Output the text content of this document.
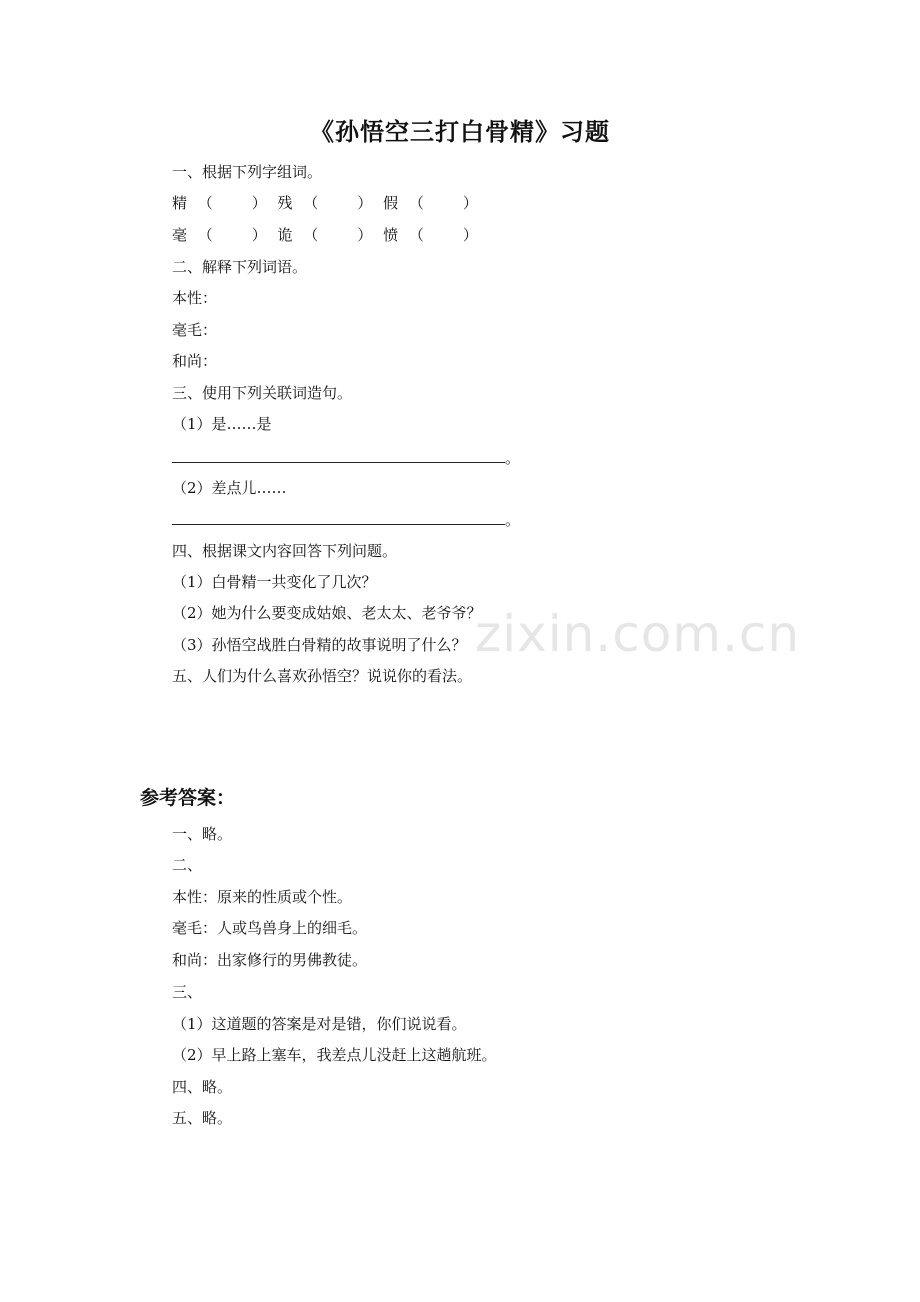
zixin.com.cn
《孙悟空三打白骨精》习题
一、根据下列字组词。
精 （　　） 残 （　　） 假 （　　）
毫 （　　） 诡 （　　） 愤 （　　）
二、解释下列词语。
本性：
毫毛：
和尚：
三、使用下列关联词造句。
（1）是……是
。
（2）差点儿……
。
四、根据课文内容回答下列问题。
（1）白骨精一共变化了几次？
（2）她为什么要变成姑娘、老太太、老爷爷？
（3）孙悟空战胜白骨精的故事说明了什么？
五、人们为什么喜欢孙悟空？说说你的看法。
参考答案：
一、略。
二、
本性：原来的性质或个性。
毫毛：人或鸟兽身上的细毛。
和尚：出家修行的男佛教徒。
三、
（1）这道题的答案是对是错，你们说说看。
（2）早上路上塞车，我差点儿没赶上这趟航班。
四、略。
五、略。
